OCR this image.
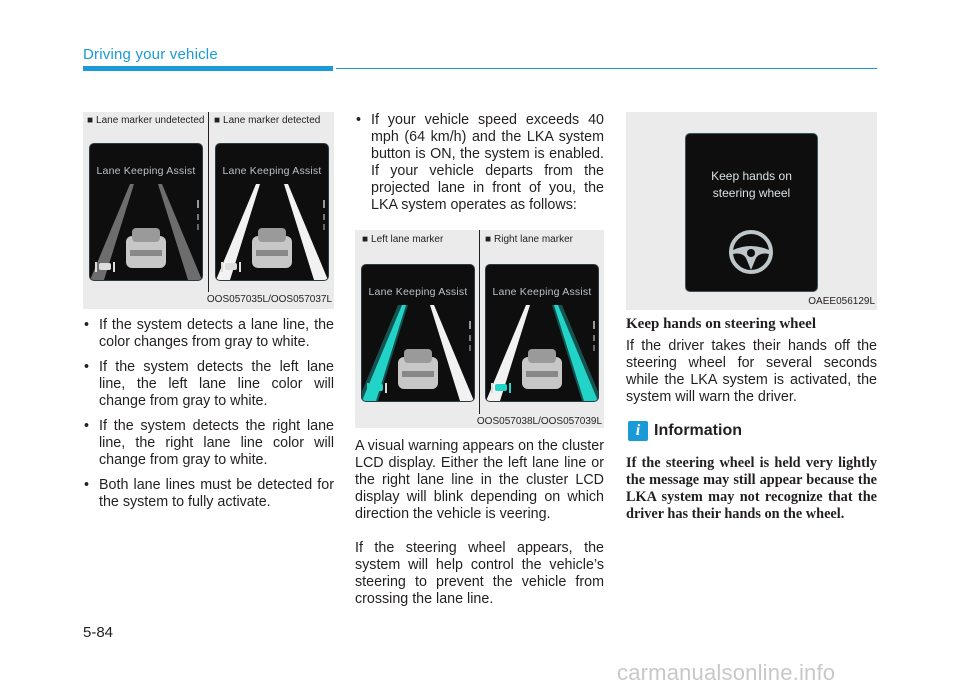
Driving your vehicle
■ Lane marker undetected ■ Lane marker detected
Lane Keeping Assist	Lane Keeping Assist
OOS057035L/OOS057037L
• If the system detects a lane line, the color changes from gray to white.
• If the system detects the left lane line, the left lane line color will change from gray to white.
• If the system detects the right lane line, the right lane line color will change from gray to white.
• Both lane lines must be detected for the system to fully activate.
• If your vehicle speed exceeds 40 mph (64 km/h) and the LKA system button is ON, the system is enabled. If your vehicle departs from the projected lane in front of you, the LKA system operates as follows:
■ Left lane marker	■ Right lane marker
Lane Keeping Assist	Lane Keeping Assist
OOS057038L/OOS057039L

A visual warning appears on the cluster LCD display. Either the left lane line or the right lane line in the cluster LCD display will blink depending on which direction the vehicle is veering.

If the steering wheel appears, the system will help control the vehicle’s steering to prevent the vehicle from crossing the lane line.

Keep hands on
steering wheel
OAEE056129L
Keep hands on steering wheel

If the driver takes their hands off the steering wheel for several seconds while the LKA system is activated, the system will warn the driver.

i Information

If the steering wheel is held very lightly the message may still appear because the LKA system may not recognize that the driver has their hands on the wheel.

5-84
carmanualsonline.info
